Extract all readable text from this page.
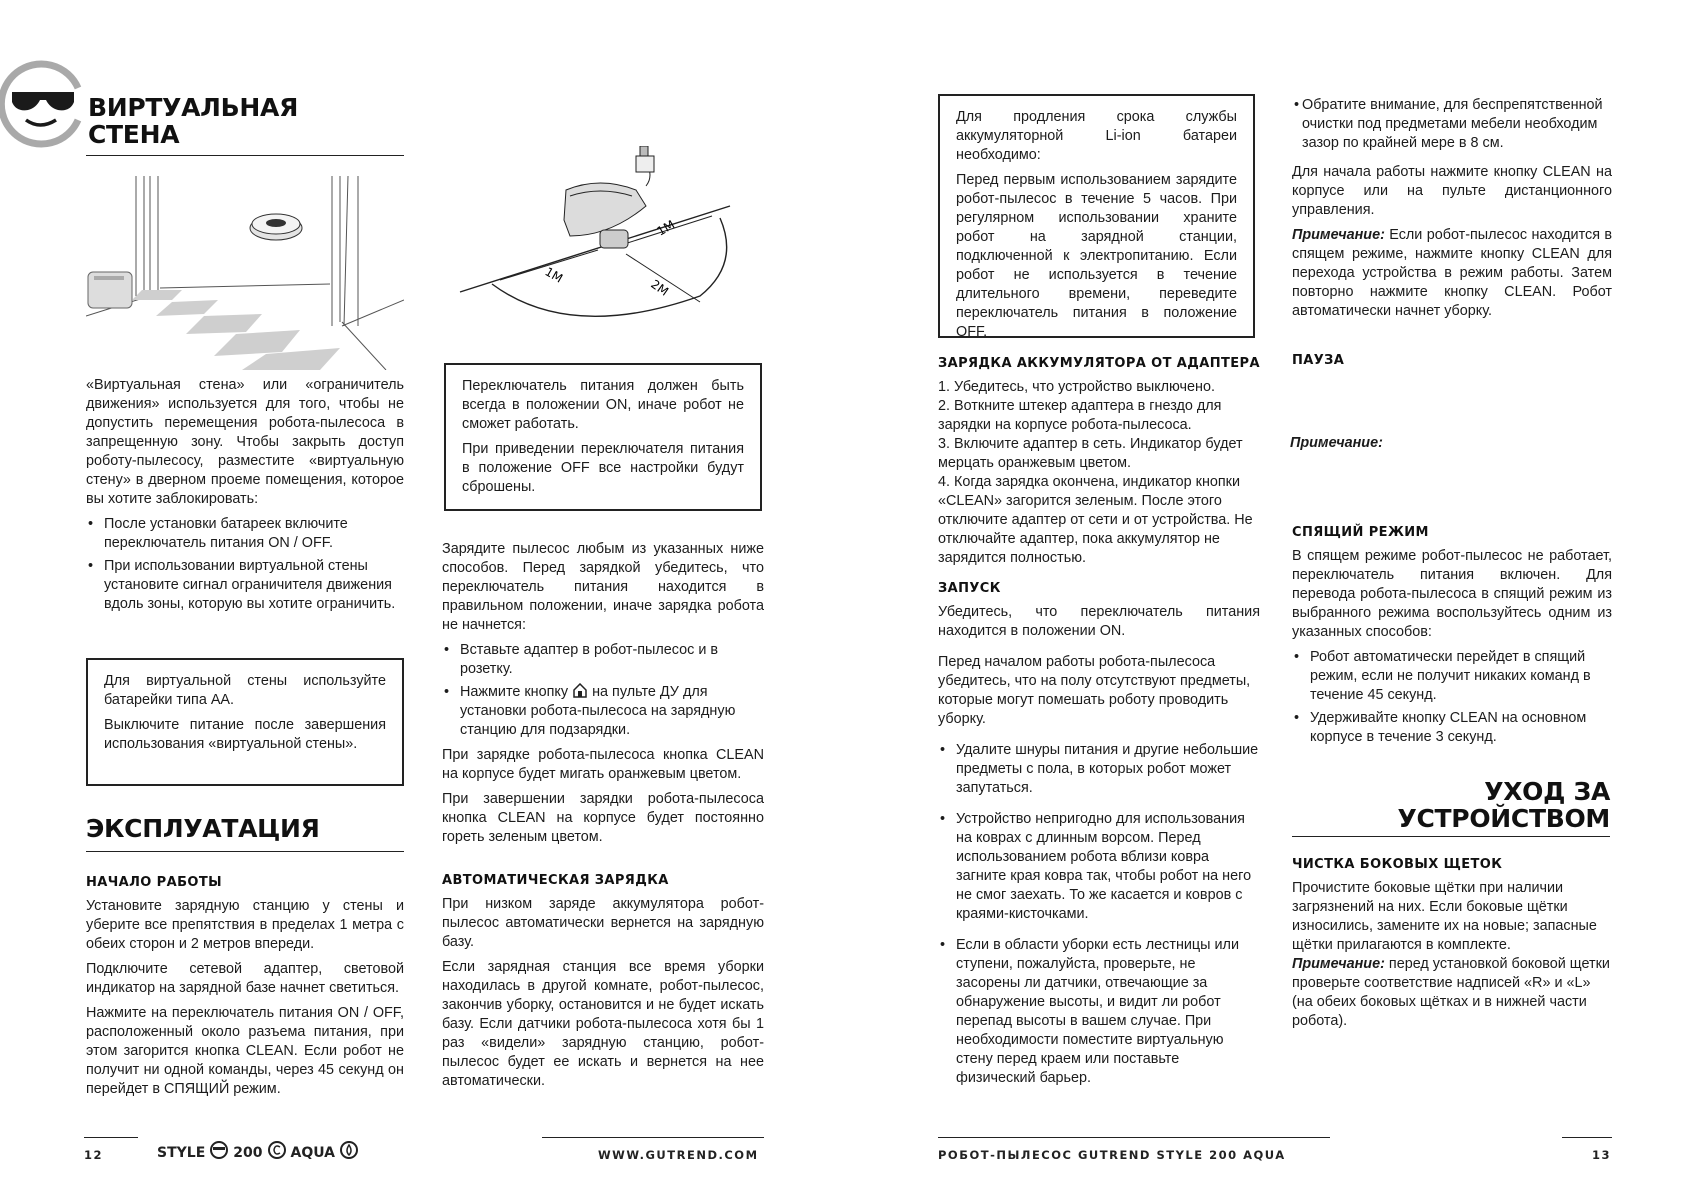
ВИРТУАЛЬНАЯ
СТЕНА

«Виртуальная стена» или «ограничитель движения» используется для того, чтобы не допустить перемещения робота-пылесоса в запрещенную зону. Чтобы закрыть доступ роботу-пылесосу, разместите «виртуальную стену» в дверном проеме помещения, которое вы хотите заблокировать:

• После установки батареек включите переключатель питания ON / OFF.
• При использовании виртуальной стены установите сигнал ограничителя движения вдоль зоны, которую вы хотите ограничить.

Для виртуальной стены используйте батарейки типа AA.

Выключите питание после завершения использования «виртуальной стены».

ЭКСПЛУАТАЦИЯ
НАЧАЛО РАБОТЫ

Установите зарядную станцию у стены и уберите все препятствия в пределах 1 метра с обеих сторон и 2 метров впереди.

Подключите сетевой адаптер, световой индикатор на зарядной базе начнет светиться.

Нажмите на переключатель питания ON / OFF, расположенный около разъема питания, при этом загорится кнопка CLEAN. Если робот не получит ни одной команды, через 45 секунд он перейдет в СПЯЩИЙ режим.

1M
1M
2M

Переключатель питания должен быть всегда в положении ON, иначе робот не сможет работать.

При приведении переключателя питания в положение OFF все настройки будут сброшены.

Зарядите пылесос любым из указанных ниже способов. Перед зарядкой убедитесь, что переключатель питания находится в правильном положении, иначе зарядка робота не начнется:

• Вставьте адаптер в робот-пылесос и в розетку.
• Нажмите кнопку на пульте ДУ для установки робота-пылесоса на зарядную станцию для подзарядки.

При зарядке робота-пылесоса кнопка CLEAN на корпусе будет мигать оранжевым цветом.

При завершении зарядки робота-пылесоса кнопка CLEAN на корпусе будет постоянно гореть зеленым цветом.

АВТОМАТИЧЕСКАЯ ЗАРЯДКА

При низком заряде аккумулятора робот-пылесос автоматически вернется на зарядную базу.

Если зарядная станция все время уборки находилась в другой комнате, робот-пылесос, закончив уборку, остановится и не будет искать базу. Если датчики робота-пылесоса хотя бы 1 раз «видели» зарядную станцию, робот-пылесос будет ее искать и вернется на нее автоматически.

12	STYLE 200 AQUA	WWW.GUTREND.COM

Для продления срока службы аккумуляторной Li-ion батареи необходимо:

Перед первым использованием зарядите робот-пылесос в течение 5 часов. При регулярном использовании храните робот на зарядной станции, подключенной к электропитанию. Если робот не используется в течение длительного времени, переведите переключатель питания в положение OFF.

ЗАРЯДКА АККУМУЛЯТОРА ОТ АДАПТЕРА

1. Убедитесь, что устройство выключено.

2. Воткните штекер адаптера в гнездо для зарядки на корпусе робота-пылесоса.

3. Включите адаптер в сеть. Индикатор будет мерцать оранжевым цветом.

4. Когда зарядка окончена, индикатор кнопки «CLEAN» загорится зеленым. После этого отключите адаптер от сети и от устройства. Не отключайте адаптер, пока аккумулятор не зарядится полностью.

ЗАПУСК

Убедитесь, что переключатель питания находится в положении ON.

Перед началом работы робота-пылесоса убедитесь, что на полу отсутствуют предметы, которые могут помешать роботу проводить уборку.

• Удалите шнуры питания и другие небольшие предметы с пола, в которых робот может запутаться.
• Устройство непригодно для использования на коврах с длинным ворсом. Перед использованием робота вблизи ковра загните края ковра так, чтобы робот на него не смог заехать. То же касается и ковров с краями-кисточками.
• Если в области уборки есть лестницы или ступени, пожалуйста, проверьте, не засорены ли датчики, отвечающие за обнаружение высоты, и видит ли робот перепад высоты в вашем случае. При необходимости поместите виртуальную стену перед краем или поставьте физический барьер.
• Обратите внимание, для беспрепятственной очистки под предметами мебели необходим зазор по крайней мере в 8 см.

Для начала работы нажмите кнопку CLEAN на корпусе или на пульте дистанционного управления.

Примечание: Если робот-пылесос находится в спящем режиме, нажмите кнопку CLEAN для перехода устройства в режим работы. Затем повторно нажмите кнопку CLEAN. Робот автоматически начнет уборку.

ПАУЗА
Примечание:
СПЯЩИЙ РЕЖИМ

В спящем режиме робот-пылесос не работает, переключатель питания включен. Для перевода робота-пылесоса в спящий режим из выбранного режима воспользуйтесь одним из указанных способов:

• Робот автоматически перейдет в спящий режим, если не получит никаких команд в течение 45 секунд.
• Удерживайте кнопку CLEAN на основном корпусе в течение 3 секунд.
УХОД ЗА
УСТРОЙСТВОМ
ЧИСТКА БОКОВЫХ ЩЕТОК

Прочистите боковые щётки при наличии загрязнений на них. Если боковые щётки износились, замените их на новые; запасные щётки прилагаются в комплекте.

Примечание: перед установкой боковой щетки проверьте соответствие надписей «R» и «L» (на обеих боковых щётках и в нижней части робота).

РОБОТ-ПЫЛЕСОС GUTREND STYLE 200 AQUA	13
